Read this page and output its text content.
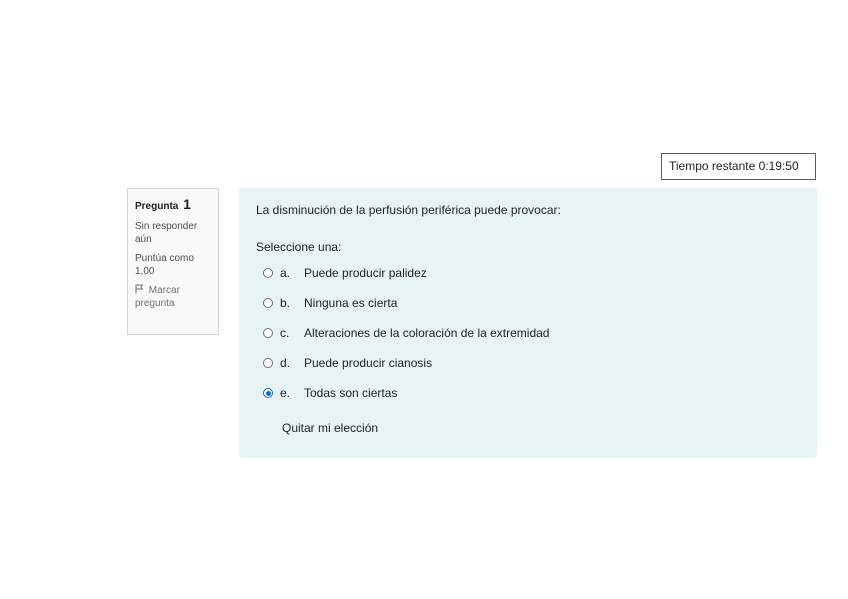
Tiempo restante 0:19:50
Pregunta 1
Sin responder aún
Puntúa como 1,00
Marcar pregunta
La disminución de la perfusión periférica puede provocar:
Seleccione una:
a.	Puede producir palidez
b.	Ninguna es cierta
c.	Alteraciones de la coloración de la extremidad
d.	Puede producir cianosis
e.	Todas son ciertas
Quitar mi elección
